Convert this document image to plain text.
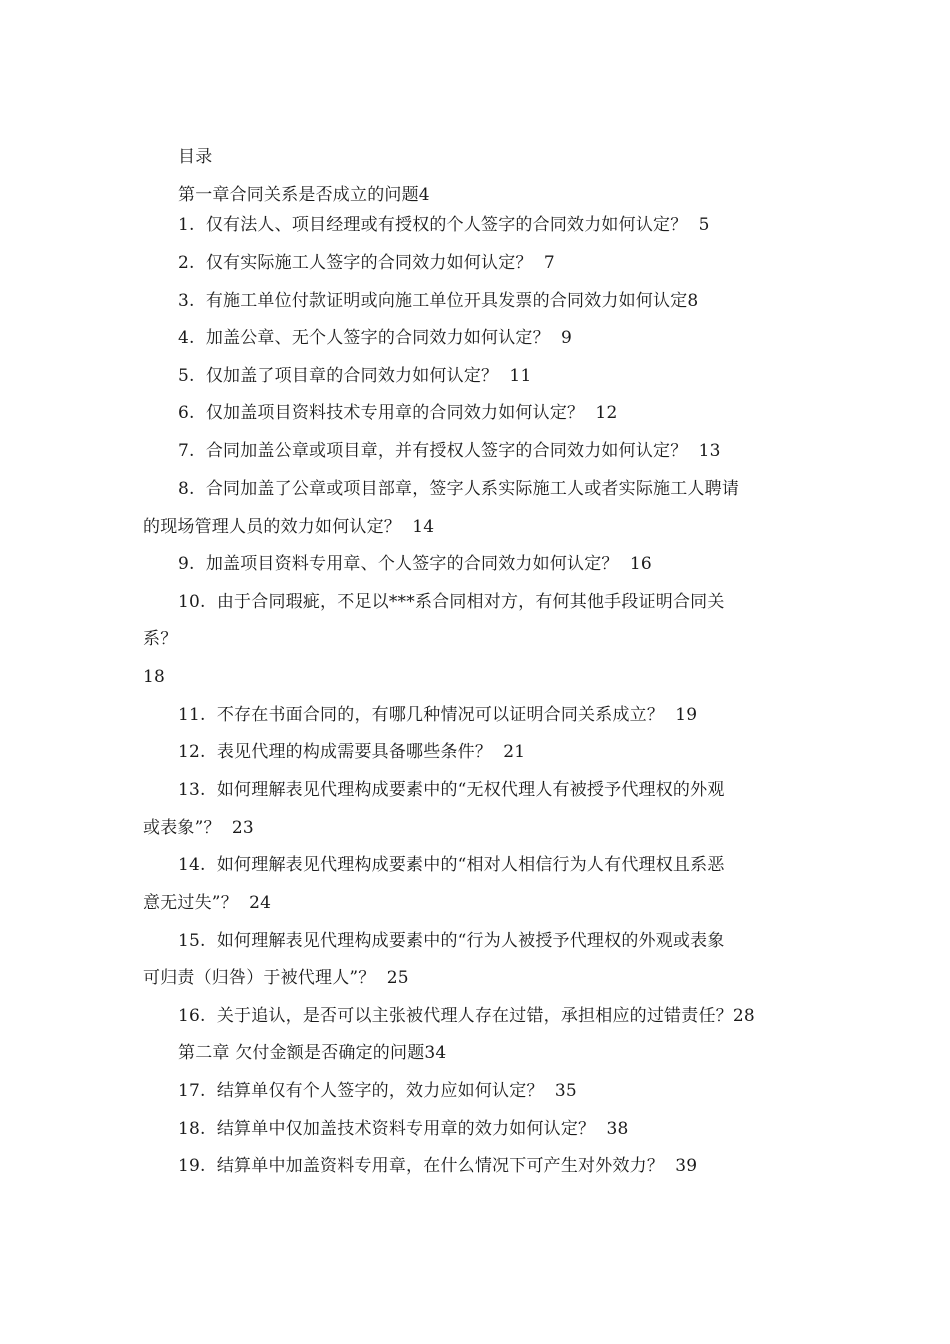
目录
第一章合同关系是否成立的问题4
1.  仅有法人、项目经理或有授权的个人签字的合同效力如何认定？  5
2.  仅有实际施工人签字的合同效力如何认定？  7
3.  有施工单位付款证明或向施工单位开具发票的合同效力如何认定8
4.  加盖公章、无个人签字的合同效力如何认定？  9
5.  仅加盖了项目章的合同效力如何认定？  11
6.  仅加盖项目资料技术专用章的合同效力如何认定？  12
7.  合同加盖公章或项目章，并有授权人签字的合同效力如何认定？  13
8.  合同加盖了公章或项目部章，签字人系实际施工人或者实际施工人聘请
的现场管理人员的效力如何认定？  14
9.  加盖项目资料专用章、个人签字的合同效力如何认定？  16
10.  由于合同瑕疵，不足以***系合同相对方，有何其他手段证明合同关
系？
18
11.  不存在书面合同的，有哪几种情况可以证明合同关系成立？  19
12.  表见代理的构成需要具备哪些条件？  21
13.  如何理解表见代理构成要素中的“无权代理人有被授予代理权的外观
或表象”？  23
14.  如何理解表见代理构成要素中的“相对人相信行为人有代理权且系恶
意无过失”？  24
15.  如何理解表见代理构成要素中的“行为人被授予代理权的外观或表象
可归责（归咎）于被代理人”？  25
16.  关于追认，是否可以主张被代理人存在过错，承担相应的过错责任？28
第二章 欠付金额是否确定的问题34
17.  结算单仅有个人签字的，效力应如何认定？  35
18.  结算单中仅加盖技术资料专用章的效力如何认定？  38
19.  结算单中加盖资料专用章，在什么情况下可产生对外效力？  39
